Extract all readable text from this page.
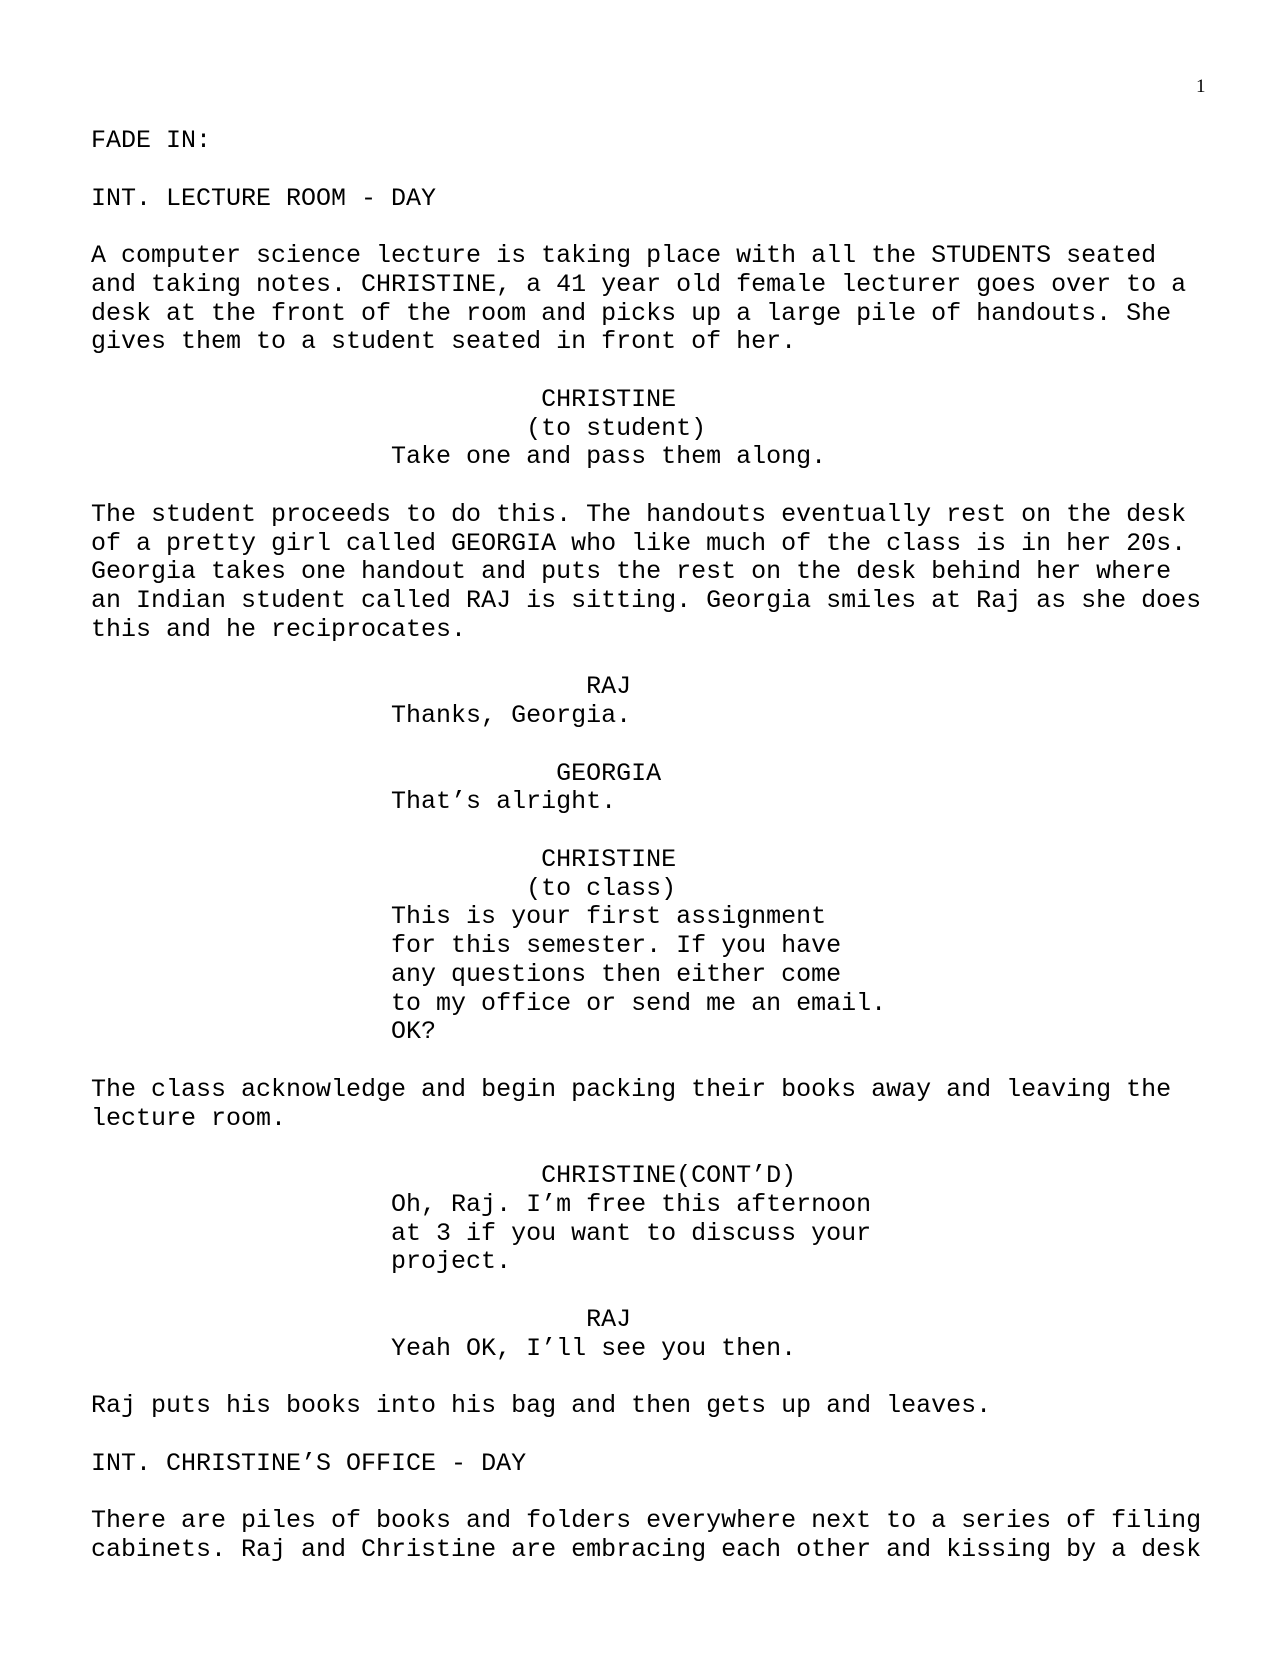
1
FADE IN:
INT. LECTURE ROOM - DAY
A computer science lecture is taking place with all the STUDENTS seated
and taking notes. CHRISTINE, a 41 year old female lecturer goes over to a
desk at the front of the room and picks up a large pile of handouts. She
gives them to a student seated in front of her.
CHRISTINE
(to student)
Take one and pass them along.
The student proceeds to do this. The handouts eventually rest on the desk
of a pretty girl called GEORGIA who like much of the class is in her 20s.
Georgia takes one handout and puts the rest on the desk behind her where
an Indian student called RAJ is sitting. Georgia smiles at Raj as she does
this and he reciprocates.
RAJ
Thanks, Georgia.
GEORGIA
That’s alright.
CHRISTINE
(to class)
This is your first assignment
for this semester. If you have
any questions then either come
to my office or send me an email.
OK?
The class acknowledge and begin packing their books away and leaving the
lecture room.
CHRISTINE(CONT’D)
Oh, Raj. I’m free this afternoon
at 3 if you want to discuss your
project.
RAJ
Yeah OK, I’ll see you then.
Raj puts his books into his bag and then gets up and leaves.
INT. CHRISTINE’S OFFICE - DAY
There are piles of books and folders everywhere next to a series of filing
cabinets. Raj and Christine are embracing each other and kissing by a desk
